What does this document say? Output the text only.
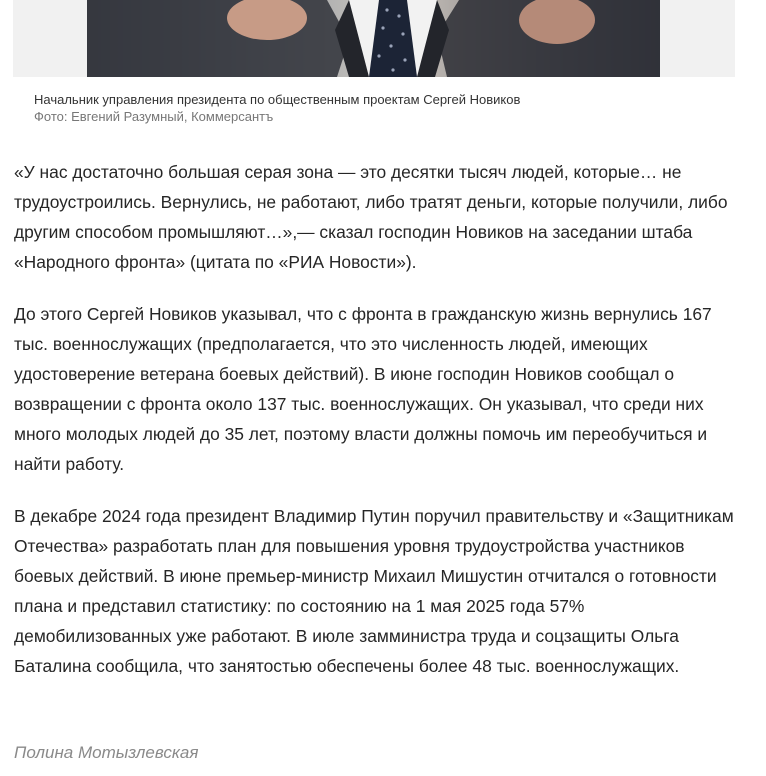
Начальник управления президента по общественным проектам Сергей Новиков
Фото: Евгений Разумный, Коммерсантъ

«У нас достаточно большая серая зона — это десятки тысяч людей, которые… не трудоустроились. Вернулись, не работают, либо тратят деньги, которые получили, либо другим способом промышляют…»,— сказал господин Новиков на заседании штаба «Народного фронта» (цитата по «РИА Новости»).

До этого Сергей Новиков указывал, что с фронта в гражданскую жизнь вернулись 167 тыс. военнослужащих (предполагается, что это численность людей, имеющих удостоверение ветерана боевых действий). В июне господин Новиков сообщал о возвращении с фронта около 137 тыс. военнослужащих. Он указывал, что среди них много молодых людей до 35 лет, поэтому власти должны помочь им переобучиться и найти работу.

В декабре 2024 года президент Владимир Путин поручил правительству и «Защитникам Отечества» разработать план для повышения уровня трудоустройства участников боевых действий. В июне премьер-министр Михаил Мишустин отчитался о готовности плана и представил статистику: по состоянию на 1 мая 2025 года 57% демобилизованных уже работают. В июле замминистра труда и соцзащиты Ольга Баталина сообщила, что занятостью обеспечены более 48 тыс. военнослужащих.

Полина Мотызлевская
